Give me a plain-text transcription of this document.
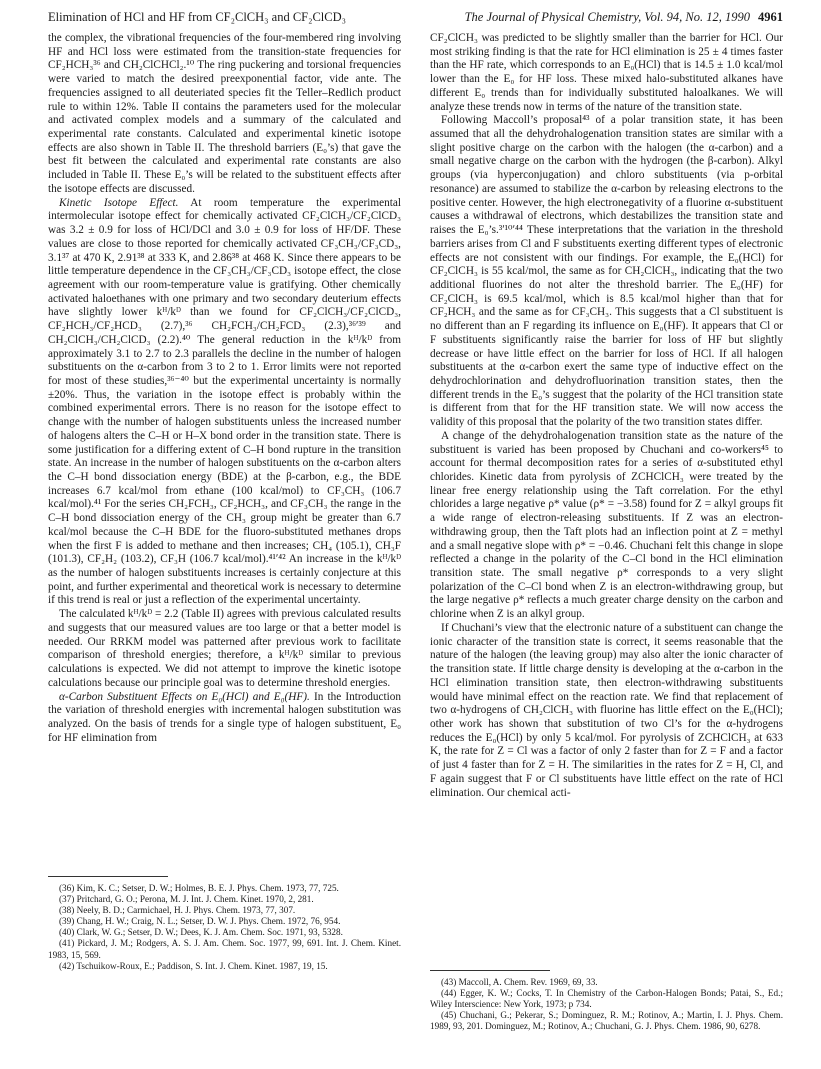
Elimination of HCl and HF from CF₂ClCH₃ and CF₂ClCD₃	The Journal of Physical Chemistry, Vol. 94, No. 12, 1990 4961

the complex, the vibrational frequencies of the four-membered ring involving HF and HCl loss were estimated from the transition-state frequencies for CF₂HCH₃³⁶ and CH₂ClCHCl₂.¹⁰ The ring puckering and torsional frequencies were varied to match the desired preexponential factor, vide ante. The frequencies assigned to all deuteriated species fit the Teller–Redlich product rule to within 12%. Table II contains the parameters used for the molecular and activated complex models and a summary of the calculated and experimental rate constants. Calculated and experimental kinetic isotope effects are also shown in Table II. The threshold barriers (E₀’s) that gave the best fit between the calculated and experimental rate constants are also included in Table II. These E₀’s will be related to the substituent effects after the isotope effects are discussed.

Kinetic Isotope Effect. At room temperature the experimental intermolecular isotope effect for chemically activated CF₂ClCH₃/CF₂ClCD₃ was 3.2 ± 0.9 for loss of HCl/DCl and 3.0 ± 0.9 for loss of HF/DF. These values are close to those reported for chemically activated CF₃CH₃/CF₃CD₃, 3.1³⁷ at 470 K, 2.91³⁸ at 333 K, and 2.86³⁸ at 468 K. Since there appears to be little temperature dependence in the CF₃CH₃/CF₃CD₃ isotope effect, the close agreement with our room-temperature value is gratifying. Other chemically activated haloethanes with one primary and two secondary deuterium effects have slightly lower kᴴ/kᴰ than we found for CF₂ClCH₃/CF₂ClCD₃, CF₂HCH₃/CF₂HCD₃ (2.7),³⁶ CH₂FCH₃/CH₂FCD₃ (2.3),³⁶ʹ³⁹ and CH₂ClCH₃/CH₂ClCD₃ (2.2).⁴⁰ The general reduction in the kᴴ/kᴰ from approximately 3.1 to 2.7 to 2.3 parallels the decline in the number of halogen substituents on the α-carbon from 3 to 2 to 1. Error limits were not reported for most of these studies,³⁶⁻⁴⁰ but the experimental uncertainty is normally ±20%. Thus, the variation in the isotope effect is probably within the combined experimental errors. There is no reason for the isotope effect to change with the number of halogen substituents unless the increased number of halogens alters the C–H or H–X bond order in the transition state. There is some justification for a differing extent of C–H bond rupture in the transition state. An increase in the number of halogen substituents on the α-carbon alters the C–H bond dissociation energy (BDE) at the β-carbon, e.g., the BDE increases 6.7 kcal/mol from ethane (100 kcal/mol) to CF₃CH₃ (106.7 kcal/mol).⁴¹ For the series CH₂FCH₃, CF₂HCH₃, and CF₃CH₃ the range in the C–H bond dissociation energy of the CH₃ group might be greater than 6.7 kcal/mol because the C–H BDE for the fluoro-substituted methanes drops when the first F is added to methane and then increases; CH₄ (105.1), CH₃F (101.3), CF₂H₂ (103.2), CF₃H (106.7 kcal/mol).⁴¹ʹ⁴² An increase in the kᴴ/kᴰ as the number of halogen substituents increases is certainly conjecture at this point, and further experimental and theoretical work is necessary to determine if this trend is real or just a reflection of the experimental uncertainty.

The calculated kᴴ/kᴰ = 2.2 (Table II) agrees with previous calculated results and suggests that our measured values are too large or that a better model is needed. Our RRKM model was patterned after previous work to facilitate comparison of threshold energies; therefore, a kᴴ/kᴰ similar to previous calculations is expected. We did not attempt to improve the kinetic isotope calculations because our principle goal was to determine threshold energies.

α-Carbon Substituent Effects on E₀(HCl) and E₀(HF). In the Introduction the variation of threshold energies with incremental halogen substitution was analyzed. On the basis of trends for a single type of halogen substituent, E₀ for HF elimination from

CF₂ClCH₃ was predicted to be slightly smaller than the barrier for HCl. Our most striking finding is that the rate for HCl elimination is 25 ± 4 times faster than the HF rate, which corresponds to an E₀(HCl) that is 14.5 ± 1.0 kcal/mol lower than the E₀ for HF loss. These mixed halo-substituted alkanes have different E₀ trends than for individually substituted haloalkanes. We will analyze these trends now in terms of the nature of the transition state.

Following Maccoll’s proposal⁴³ of a polar transition state, it has been assumed that all the dehydrohalogenation transition states are similar with a slight positive charge on the carbon with the halogen (the α-carbon) and a small negative charge on the carbon with the hydrogen (the β-carbon). Alkyl groups (via hyperconjugation) and chloro substituents (via p-orbital resonance) are assumed to stabilize the α-carbon by releasing electrons to the positive center. However, the high electronegativity of a fluorine α-substituent causes a withdrawal of electrons, which destabilizes the transition state and raises the E₀’s.³ʹ¹⁰ʹ⁴⁴ These interpretations that the variation in the threshold barriers arises from Cl and F substituents exerting different types of electronic effects are not consistent with our findings. For example, the E₀(HCl) for CF₂ClCH₃ is 55 kcal/mol, the same as for CH₂ClCH₃, indicating that the two additional fluorines do not alter the threshold barrier. The E₀(HF) for CF₂ClCH₃ is 69.5 kcal/mol, which is 8.5 kcal/mol higher than that for CF₂HCH₃ and the same as for CF₃CH₃. This suggests that a Cl substituent is no different than an F regarding its influence on E₀(HF). It appears that Cl or F substituents significantly raise the barrier for loss of HF but slightly decrease or have little effect on the barrier for loss of HCl. If all halogen substituents at the α-carbon exert the same type of inductive effect on the dehydrochlorination and dehydrofluorination transition states, then the different trends in the E₀’s suggest that the polarity of the HCl transition state is different from that for the HF transition state. We will now access the validity of this proposal that the polarity of the two transition states differ.

A change of the dehydrohalogenation transition state as the nature of the substituent is varied has been proposed by Chuchani and co-workers⁴⁵ to account for thermal decomposition rates for a series of α-substituted ethyl chlorides. Kinetic data from pyrolysis of ZCHClCH₃ were treated by the linear free energy relationship using the Taft correlation. For the ethyl chlorides a large negative ρ* value (ρ* = −3.58) found for Z = alkyl groups fit a wide range of electron-releasing substituents. If Z was an electron-withdrawing group, then the Taft plots had an inflection point at Z = methyl and a small negative slope with ρ* = −0.46. Chuchani felt this change in slope reflected a change in the polarity of the C–Cl bond in the HCl elimination transition state. The small negative ρ* corresponds to a very slight polarization of the C–Cl bond when Z is an electron-withdrawing group, but the large negative ρ* reflects a much greater charge density on the carbon and chlorine when Z is an alkyl group.

If Chuchani’s view that the electronic nature of a substituent can change the ionic character of the transition state is correct, it seems reasonable that the nature of the halogen (the leaving group) may also alter the ionic character of the transition state. If little charge density is developing at the α-carbon in the HCl elimination transition state, then electron-withdrawing substituents would have minimal effect on the reaction rate. We find that replacement of two α-hydrogens of CH₂ClCH₃ with fluorine has little effect on the E₀(HCl); other work has shown that substitution of two Cl’s for the α-hydrogens reduces the E₀(HCl) by only 5 kcal/mol. For pyrolysis of ZCHClCH₃ at 633 K, the rate for Z = Cl was a factor of only 2 faster than for Z = F and a factor of just 4 faster than for Z = H. The similarities in the rates for Z = H, Cl, and F again suggest that F or Cl substituents have little effect on the rate of HCl elimination. Our chemical acti-

(36) Kim, K. C.; Setser, D. W.; Holmes, B. E. J. Phys. Chem. 1973, 77, 725.

(37) Pritchard, G. O.; Perona, M. J. Int. J. Chem. Kinet. 1970, 2, 281.

(38) Neely, B. D.; Carmichael, H. J. Phys. Chem. 1973, 77, 307.

(39) Chang, H. W.; Craig, N. L.; Setser, D. W. J. Phys. Chem. 1972, 76, 954.

(40) Clark, W. G.; Setser, D. W.; Dees, K. J. Am. Chem. Soc. 1971, 93, 5328.

(41) Pickard, J. M.; Rodgers, A. S. J. Am. Chem. Soc. 1977, 99, 691. Int. J. Chem. Kinet. 1983, 15, 569.

(42) Tschuikow-Roux, E.; Paddison, S. Int. J. Chem. Kinet. 1987, 19, 15.

(43) Maccoll, A. Chem. Rev. 1969, 69, 33.

(44) Egger, K. W.; Cocks, T. In Chemistry of the Carbon-Halogen Bonds; Patai, S., Ed.; Wiley Interscience: New York, 1973; p 734.

(45) Chuchani, G.; Pekerar, S.; Dominguez, R. M.; Rotinov, A.; Martin, I. J. Phys. Chem. 1989, 93, 201. Dominguez, M.; Rotinov, A.; Chuchani, G. J. Phys. Chem. 1986, 90, 6278.
